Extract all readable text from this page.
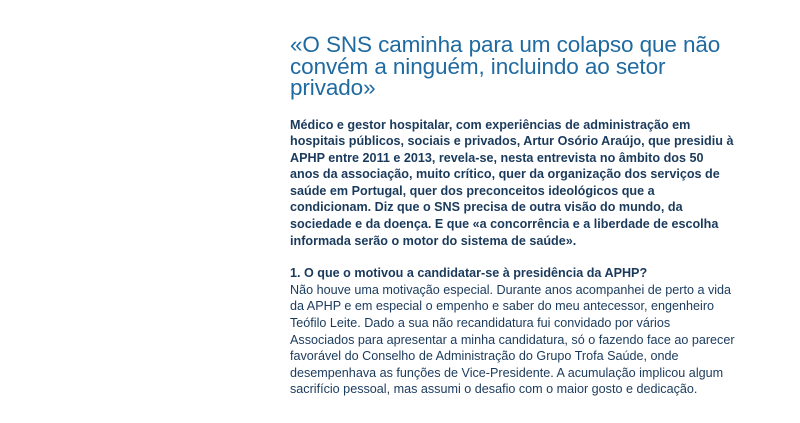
«O SNS caminha para um colapso que não convém a ninguém, incluindo ao setor privado»

Médico e gestor hospitalar, com experiências de administração em hospitais públicos, sociais e privados, Artur Osório Araújo, que presidiu à APHP entre 2011 e 2013, revela-se, nesta entrevista no âmbito dos 50 anos da associação, muito crítico, quer da organização dos serviços de saúde em Portugal, quer dos preconceitos ideológicos que a condicionam. Diz que o SNS precisa de outra visão do mundo, da sociedade e da doença. E que «a concorrência e a liberdade de escolha informada serão o motor do sistema de saúde».

1. O que o motivou a candidatar-se à presidência da APHP?

Não houve uma motivação especial. Durante anos acompanhei de perto a vida da APHP e em especial o empenho e saber do meu antecessor, engenheiro Teófilo Leite. Dado a sua não recandidatura fui convidado por vários Associados para apresentar a minha candidatura, só o fazendo face ao parecer favorável do Conselho de Administração do Grupo Trofa Saúde, onde desempenhava as funções de Vice-Presidente. A acumulação implicou algum sacrifício pessoal, mas assumi o desafio com o maior gosto e dedicação.
